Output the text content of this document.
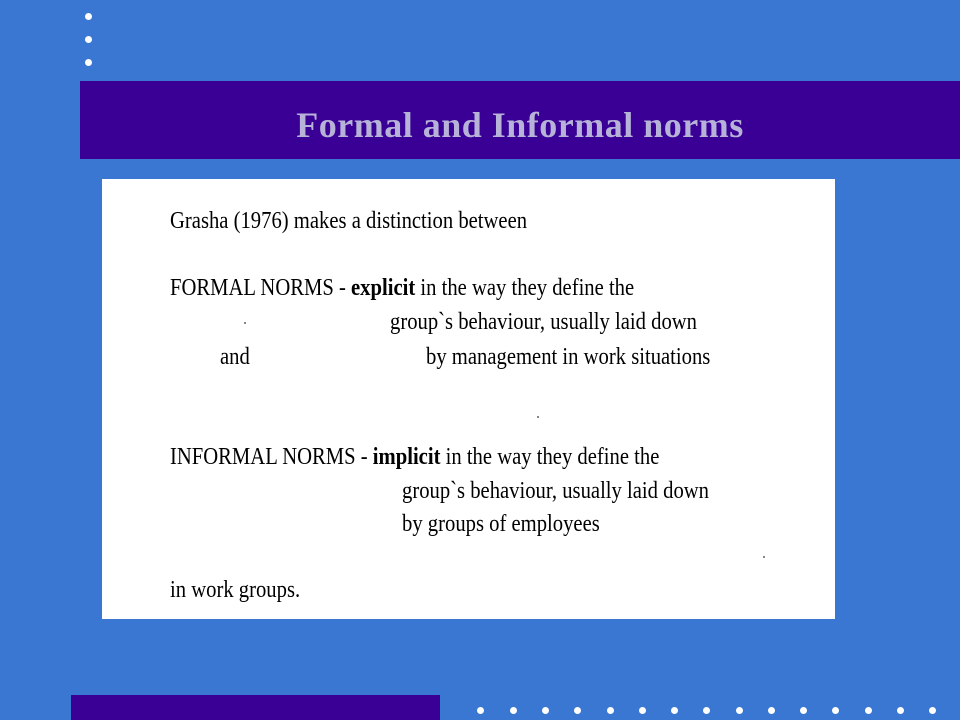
Formal and Informal norms
Grasha (1976) makes a distinction between
FORMAL NORMS - explicit in the way they define the
group`s behaviour, usually laid down
and	by management in work situations
INFORMAL NORMS - implicit in the way they define the
group`s behaviour, usually laid down
by groups of employees
in work groups.
